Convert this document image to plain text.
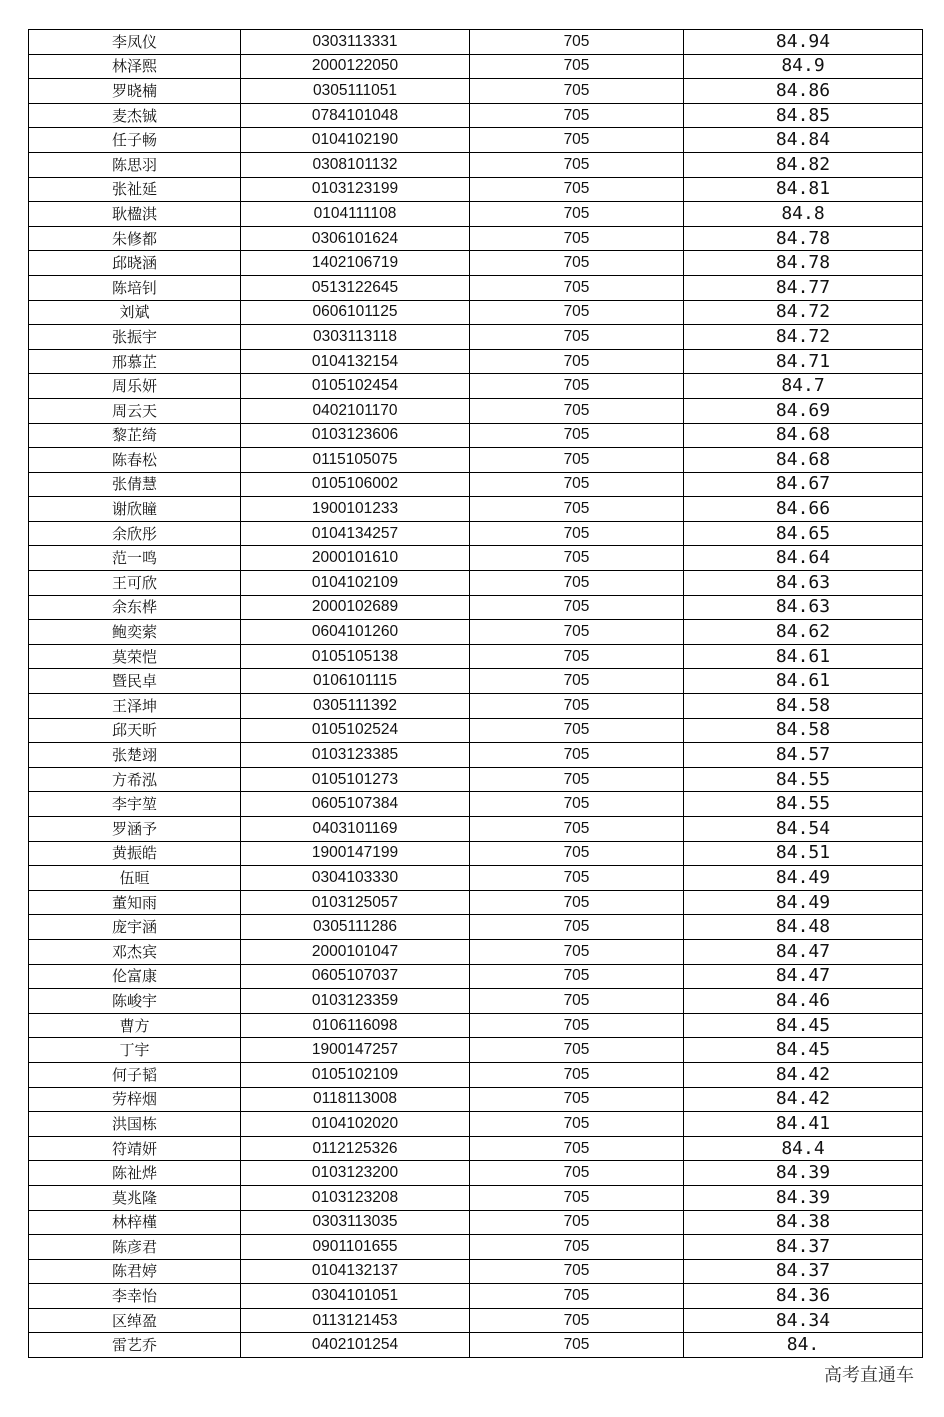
李凤仪	0303113331	705	84.94
林泽熙	2000122050	705	84.9
罗晓楠	0305111051	705	84.86
麦杰铖	0784101048	705	84.85
任子畅	0104102190	705	84.84
陈思羽	0308101132	705	84.82
张祉延	0103123199	705	84.81
耿楹淇	0104111108	705	84.8
朱修都	0306101624	705	84.78
邱晓涵	1402106719	705	84.78
陈培钊	0513122645	705	84.77
刘斌	0606101125	705	84.72
张振宇	0303113118	705	84.72
邢慕芷	0104132154	705	84.71
周乐妍	0105102454	705	84.7
周云天	0402101170	705	84.69
黎芷绮	0103123606	705	84.68
陈春松	0115105075	705	84.68
张倩慧	0105106002	705	84.67
谢欣瞳	1900101233	705	84.66
余欣彤	0104134257	705	84.65
范一鸣	2000101610	705	84.64
王可欣	0104102109	705	84.63
余东桦	2000102689	705	84.63
鲍奕萦	0604101260	705	84.62
莫荣恺	0105105138	705	84.61
暨民卓	0106101115	705	84.61
王泽坤	0305111392	705	84.58
邱天昕	0105102524	705	84.58
张楚翊	0103123385	705	84.57
方希泓	0105101273	705	84.55
李宇堃	0605107384	705	84.55
罗涵予	0403101169	705	84.54
黄振皓	1900147199	705	84.51
伍晅	0304103330	705	84.49
董知雨	0103125057	705	84.49
庞宇涵	0305111286	705	84.48
邓杰宾	2000101047	705	84.47
伦富康	0605107037	705	84.47
陈峻宇	0103123359	705	84.46
曹方	0106116098	705	84.45
丁宇	1900147257	705	84.45
何子韬	0105102109	705	84.42
劳梓烟	0118113008	705	84.42
洪国栋	0104102020	705	84.41
符靖妍	0112125326	705	84.4
陈祉烨	0103123200	705	84.39
莫兆隆	0103123208	705	84.39
林梓槿	0303113035	705	84.38
陈彦君	0901101655	705	84.37
陈君婷	0104132137	705	84.37
李幸怡	0304101051	705	84.36
区绰盈	0113121453	705	84.34
雷艺乔	0402101254	705	84.
高考直通车
